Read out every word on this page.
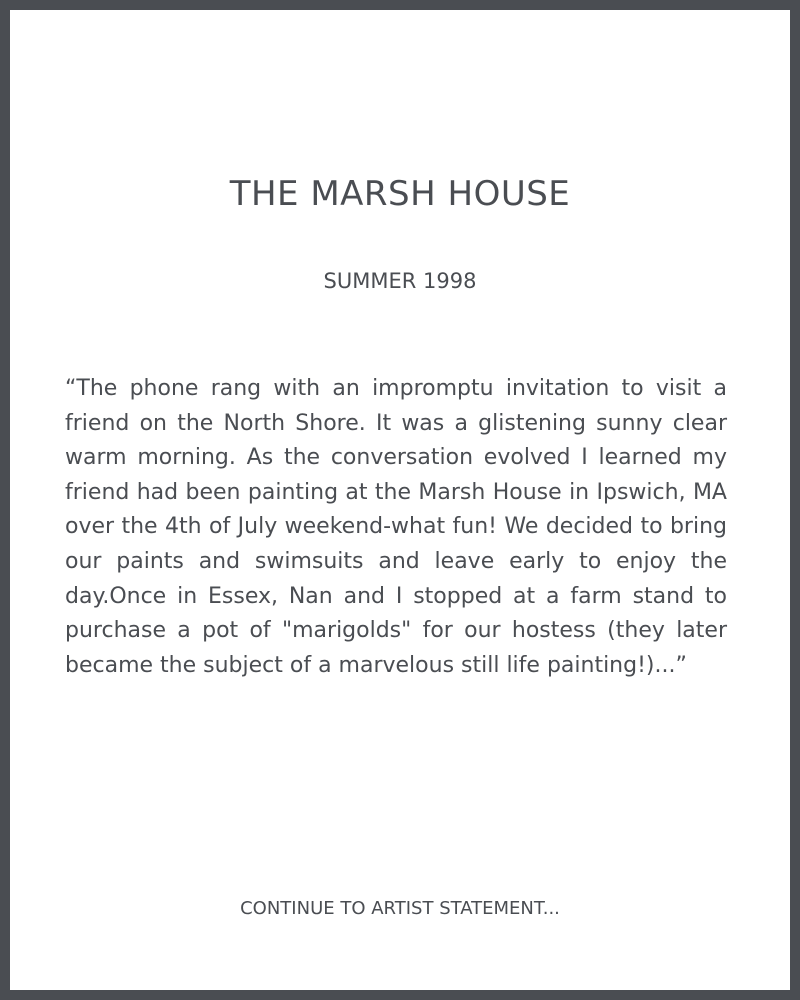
THE MARSH HOUSE
SUMMER 1998

“The phone rang with an impromptu invitation to visit a friend on the North Shore. It was a glistening sunny clear warm morning. As the conversation evolved I learned my friend had been painting at the Marsh House in Ipswich, MA over the 4th of July weekend-what fun! We decided to bring our paints and swimsuits and leave early to enjoy the day.Once in Essex, Nan and I stopped at a farm stand to purchase a pot of "marigolds" for our hostess (they later became the subject of a marvelous still life painting!)...”

CONTINUE TO ARTIST STATEMENT...
